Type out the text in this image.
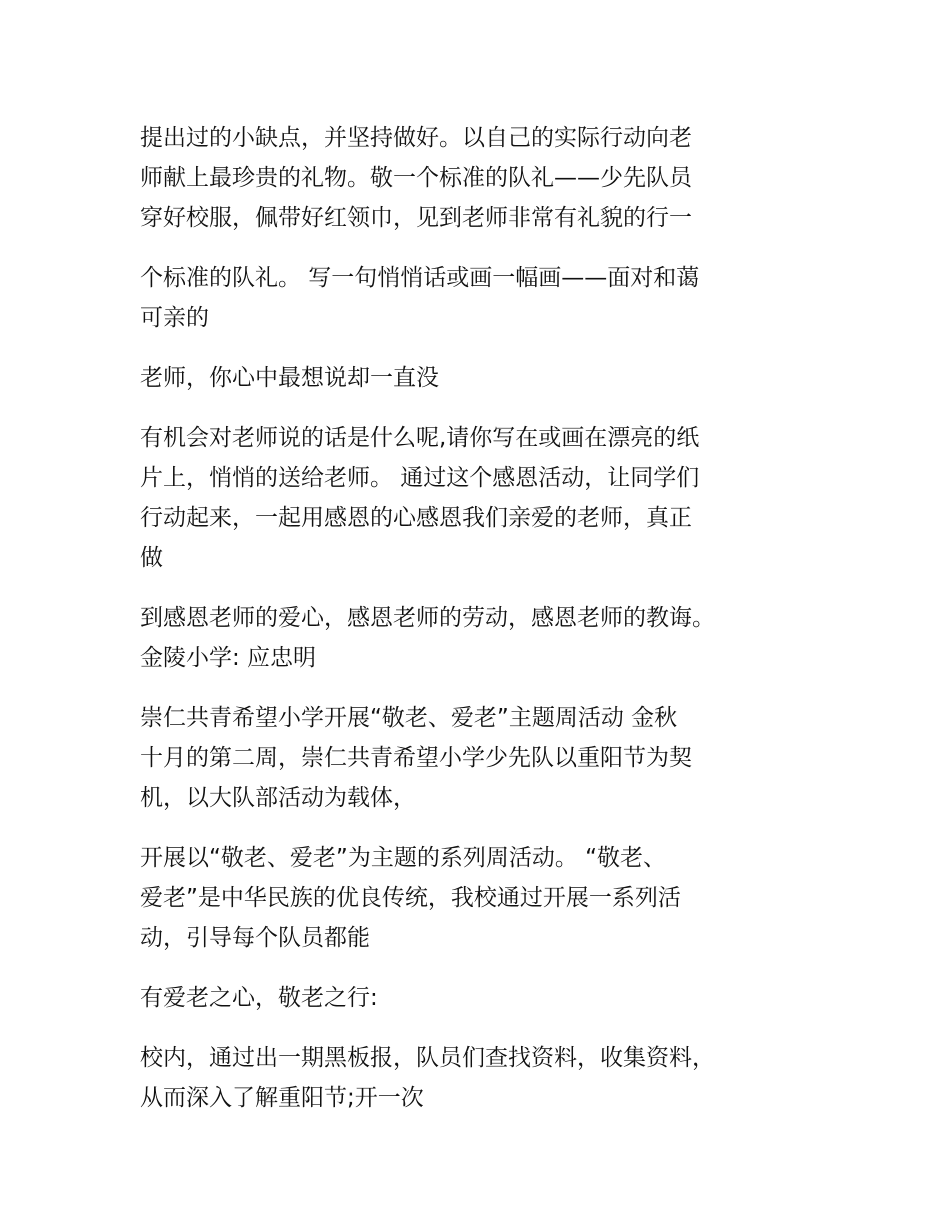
提出过的小缺点，并坚持做好。以自己的实际行动向老
师献上最珍贵的礼物。敬一个标准的队礼——少先队员
穿好校服，佩带好红领巾，见到老师非常有礼貌的行一

个标准的队礼。 写一句悄悄话或画一幅画——面对和蔼
可亲的

老师，你心中最想说却一直没

有机会对老师说的话是什么呢,请你写在或画在漂亮的纸
片上，悄悄的送给老师。 通过这个感恩活动，让同学们
行动起来，一起用感恩的心感恩我们亲爱的老师，真正
做

到感恩老师的爱心，感恩老师的劳动，感恩老师的教诲。
金陵小学: 应忠明

崇仁共青希望小学开展“敬老、爱老”主题周活动 金秋
十月的第二周，崇仁共青希望小学少先队以重阳节为契
机，以大队部活动为载体，

开展以“敬老、爱老”为主题的系列周活动。 “敬老、
爱老”是中华民族的优良传统，我校通过开展一系列活
动，引导每个队员都能

有爱老之心，敬老之行:

校内，通过出一期黑板报，队员们查找资料，收集资料，
从而深入了解重阳节;开一次
